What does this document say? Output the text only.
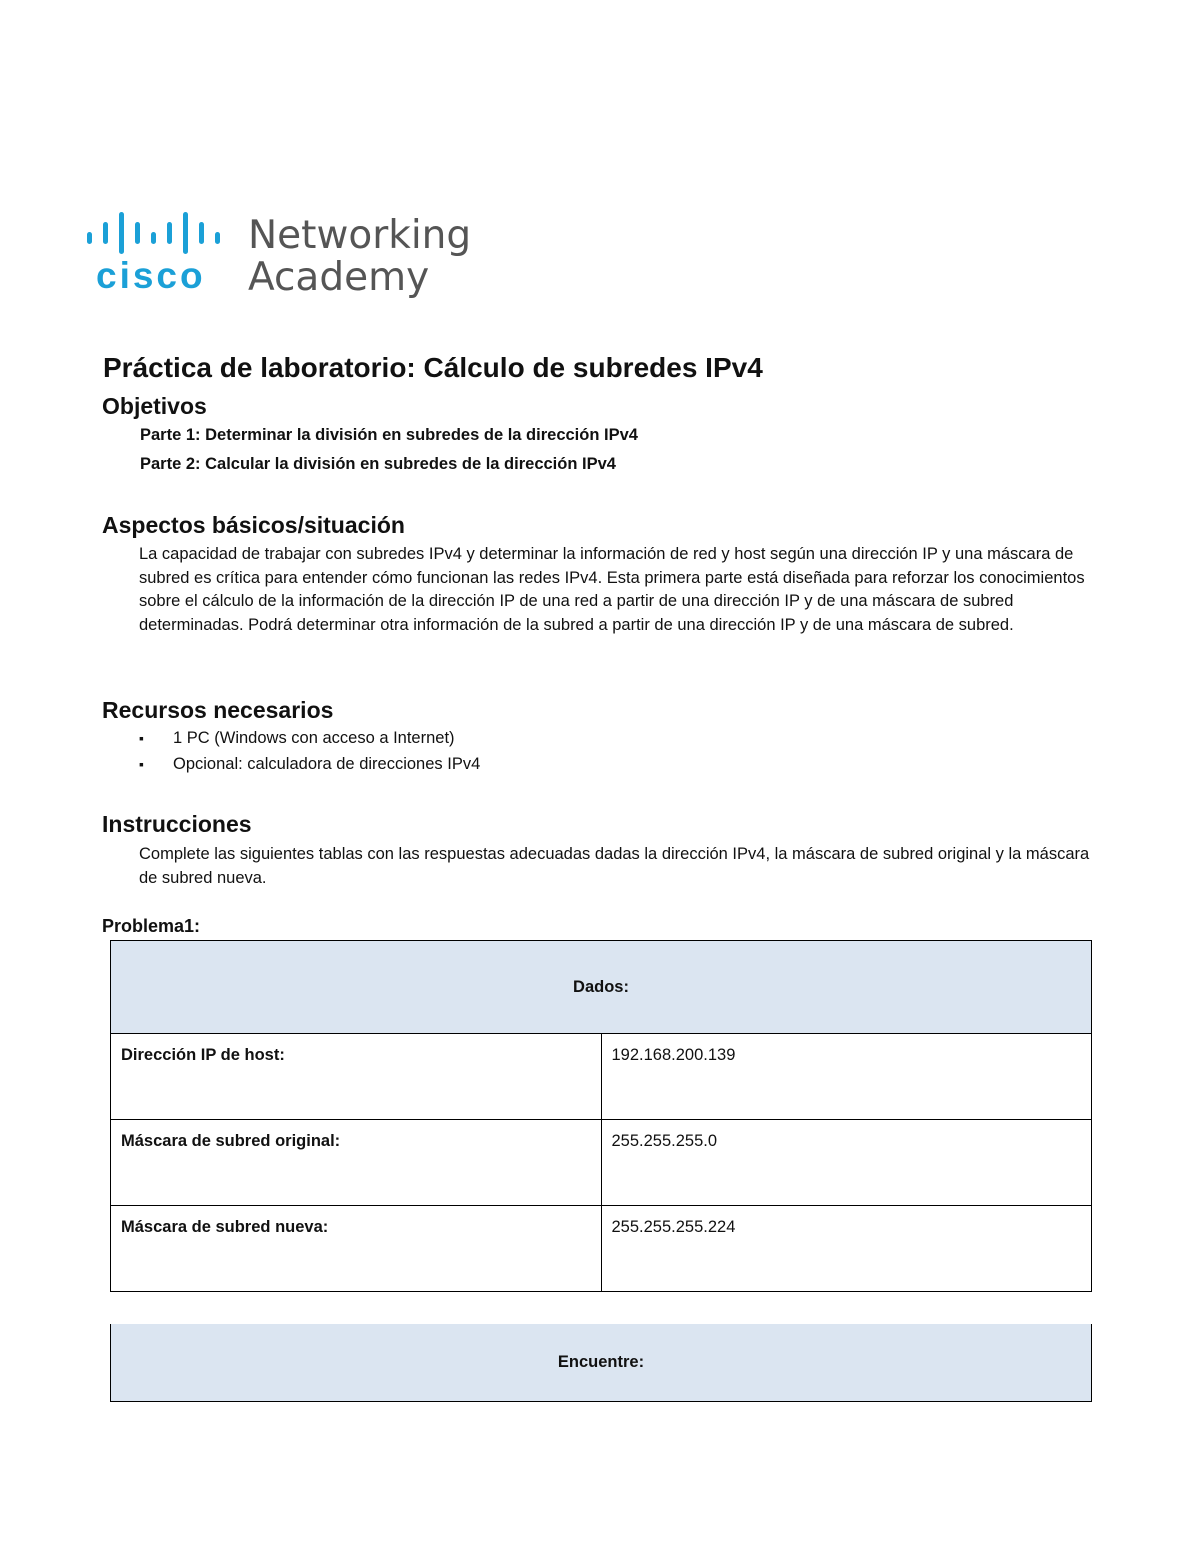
cisco
Networking
Academy
Práctica de laboratorio: Cálculo de subredes IPv4
Objetivos

Parte 1: Determinar la división en subredes de la dirección IPv4

Parte 2: Calcular la división en subredes de la dirección IPv4

Aspectos básicos/situación

La capacidad de trabajar con subredes IPv4 y determinar la información de red y host según una dirección IP y una máscara de subred es crítica para entender cómo funcionan las redes IPv4. Esta primera parte está diseñada para reforzar los conocimientos sobre el cálculo de la información de la dirección IP de una red a partir de una dirección IP y de una máscara de subred determinadas. Podrá determinar otra información de la subred a partir de una dirección IP y de una máscara de subred.

Recursos necesarios
▪ 1 PC (Windows con acceso a Internet)
▪ Opcional: calculadora de direcciones IPv4
Instrucciones

Complete las siguientes tablas con las respuestas adecuadas dadas la dirección IPv4, la máscara de subred original y la máscara de subred nueva.

Problema1:

Dados:	
Dirección IP de host:	192.168.200.139
Máscara de subred original:	255.255.255.0
Máscara de subred nueva:	255.255.255.224
Encuentre:
